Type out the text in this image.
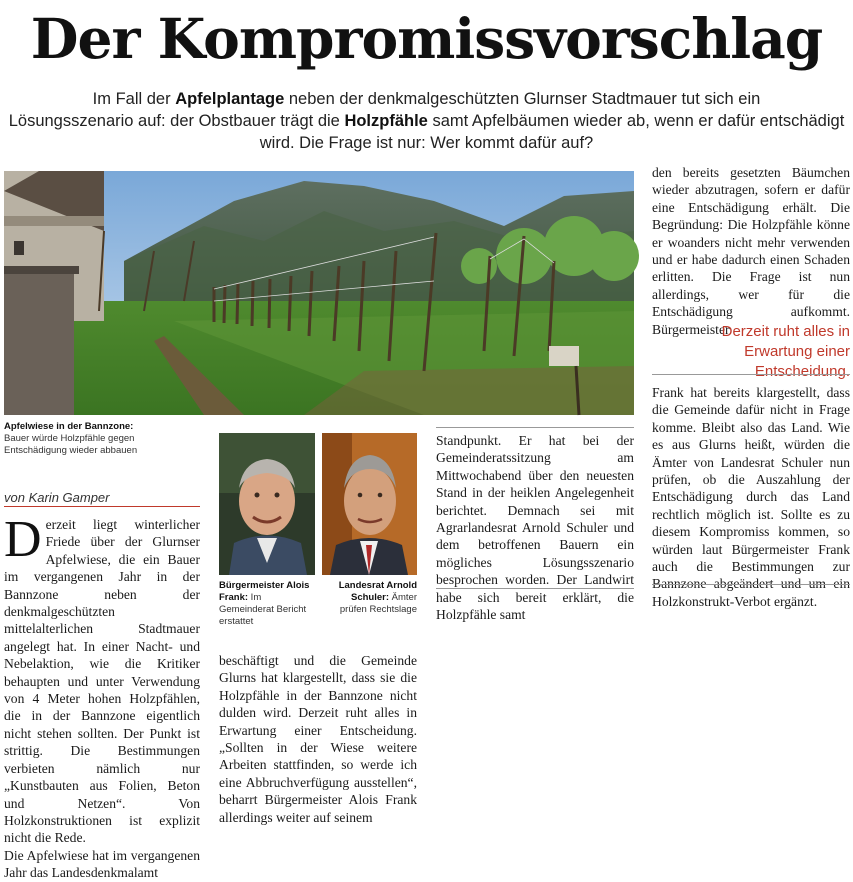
Der Kompromissvorschlag
Im Fall der Apfelplantage neben der denkmalgeschützten Glurnser Stadtmauer tut sich ein
Lösungsszenario auf: der Obstbauer trägt die Holzpfähle samt Apfelbäumen wieder ab, wenn er dafür entschädigt
wird. Die Frage ist nur: Wer kommt dafür auf?
Apfelwiese in der Bannzone:
Bauer würde Holzpfähle gegen Entschädigung wieder abbauen
Bürgermeister Alois Frank: Im Gemeinderat Bericht erstattet
Landesrat Arnold Schuler: Ämter prüfen Rechtslage
von Karin Gamper

Derzeit liegt winterlicher Friede über der Glurnser Apfelwiese, die ein Bauer im vergangenen Jahr in der Bannzone neben der denkmalgeschützten mittelalterlichen Stadtmauer angelegt hat. In einer Nacht- und Nebelaktion, wie die Kritiker behaupten und unter Verwendung von 4 Meter hohen Holzpfählen, die in der Bannzone eigentlich nicht stehen sollten. Der Punkt ist strittig. Die Bestimmungen verbieten nämlich nur „Kunstbauten aus Folien, Beton und Netzen“. Von Holzkonstruktionen ist explizit nicht die Rede.

Die Apfelwiese hat im vergangenen Jahr das Landesdenkmalamt

beschäftigt und die Gemeinde Glurns hat klargestellt, dass sie die Holzpfähle in der Bannzone nicht dulden wird. Derzeit ruht alles in Erwartung einer Entscheidung. „Sollten in der Wiese weitere Arbeiten stattfinden, so werde ich eine Abbruchverfügung ausstellen“, beharrt Bürgermeister Alois Frank allerdings weiter auf seinem
Standpunkt. Er hat bei der Gemeinderatssitzung am Mittwochabend über den neuesten Stand in der heiklen Angelegenheit berichtet. Demnach sei mit Agrarlandesrat Arnold Schuler und dem betroffenen Bauern ein mögliches Lösungsszenario besprochen worden. Der Landwirt habe sich bereit erklärt, die Holzpfähle samt
den bereits gesetzten Bäumchen wieder abzutragen, sofern er dafür eine Entschädigung erhält. Die Begründung: Die Holzpfähle könne er woanders nicht mehr verwenden und er habe dadurch einen Schaden erlitten. Die Frage ist nun allerdings, wer für die Entschädigung aufkommt. Bürgermeister
Derzeit ruht alles in Erwartung einer Entscheidung.
Frank hat bereits klargestellt, dass die Gemeinde dafür nicht in Frage komme. Bleibt also das Land. Wie es aus Glurns heißt, würden die Ämter von Landesrat Schuler nun prüfen, ob die Auszahlung der Entschädigung durch das Land rechtlich möglich ist. Sollte es zu diesem Kompromiss kommen, so würden laut Bürgermeister Frank auch die Bestimmungen zur Bannzone abgeändert und um ein Holzkonstrukt-Verbot ergänzt.
